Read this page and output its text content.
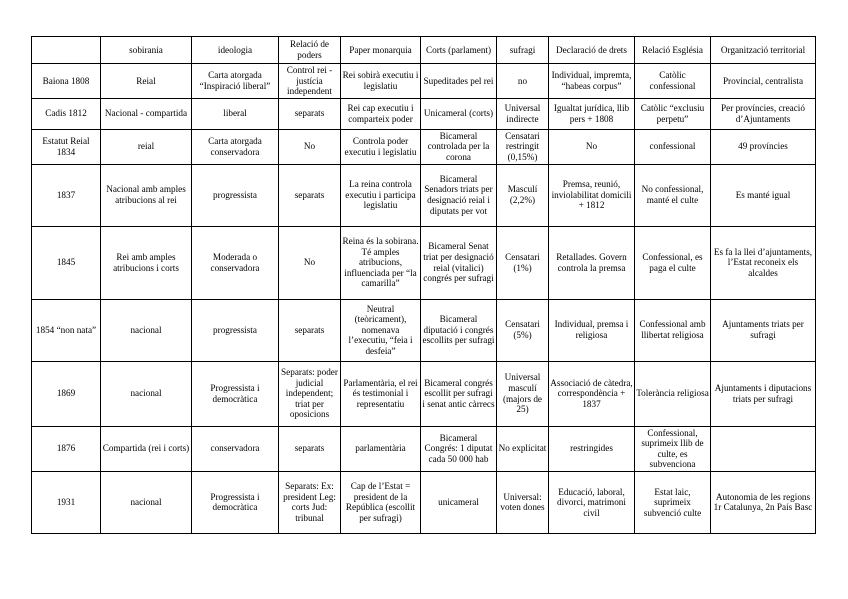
	sobirania	ideologia	Relació de poders	Paper monarquia	Corts (parlament)	sufragi	Declaració de drets	Relació Església	Organització territorial
Baiona 1808	Reial	Carta atorgada “Inspiració liberal”	Control rei - justícia independent	Rei sobirà executiu i legislatiu	Supeditades pel rei	no	Individual, impremta, “habeas corpus”	Catòlic confessional	Provincial, centralista
Cadis 1812	Nacional - compartida	liberal	separats	Rei cap executiu i comparteix poder	Unicameral (corts)	Universal indirecte	Igualtat jurídica, llib pers + 1808	Catòlic “exclusiu perpetu”	Per províncies, creació d’Ajuntaments
Estatut Reial 1834	reial	Carta atorgada conservadora	No	Controla poder executiu i legislatiu	Bicameral controlada per la corona	Censatari restringit (0,15%)	No	confessional	49 províncies
1837	Nacional amb amples atribucions al rei	progressista	separats	La reina controla executiu i participa legislatiu	Bicameral Senadors triats per designació reial i diputats per vot	Masculí (2,2%)	Premsa, reunió, inviolabilitat domicili + 1812	No confessional, manté el culte	Es manté igual
1845	Rei amb amples atribucions i corts	Moderada o conservadora	No	Reina és la sobirana. Té amples atribucions, influenciada per “la camarilla”	Bicameral Senat triat per designació reial (vitalici) congrés per sufragi	Censatari (1%)	Retallades. Govern controla la premsa	Confessional, es paga el culte	Es fa la llei d’ajuntaments, l’Estat reconeix els alcaldes
1854 “non nata”	nacional	progressista	separats	Neutral (teòricament), nomenava l’executiu, “feia i desfeia”	Bicameral diputació i congrés escollits per sufragi	Censatari (5%)	Individual, premsa i religiosa	Confessional amb llibertat religiosa	Ajuntaments triats per sufragi
1869	nacional	Progressista i democràtica	Separats: poder judicial independent; triat per oposicions	Parlamentària, el rei és testimonial i representatiu	Bicameral congrés escollit per sufragi i senat antic càrrecs	Universal masculí (majors de 25)	Associació de càtedra, correspondència + 1837	Tolerància religiosa	Ajuntaments i diputacions triats per sufragi
1876	Compartida (rei i corts)	conservadora	separats	parlamentària	Bicameral Congrés: 1 diputat cada 50 000 hab	No explícitat	restringides	Confessional, suprimeix llib de culte, es subvenciona	
1931	nacional	Progressista i democràtica	Separats: Ex: president Leg: corts Jud: tribunal	Cap de l’Estat = president de la República (escollit per sufragi)	unicameral	Universal: voten dones	Educació, laboral, divorci, matrimoni civil	Estat laic, suprimeix subvenció culte	Autonomia de les regions 1r Catalunya, 2n País Basc
